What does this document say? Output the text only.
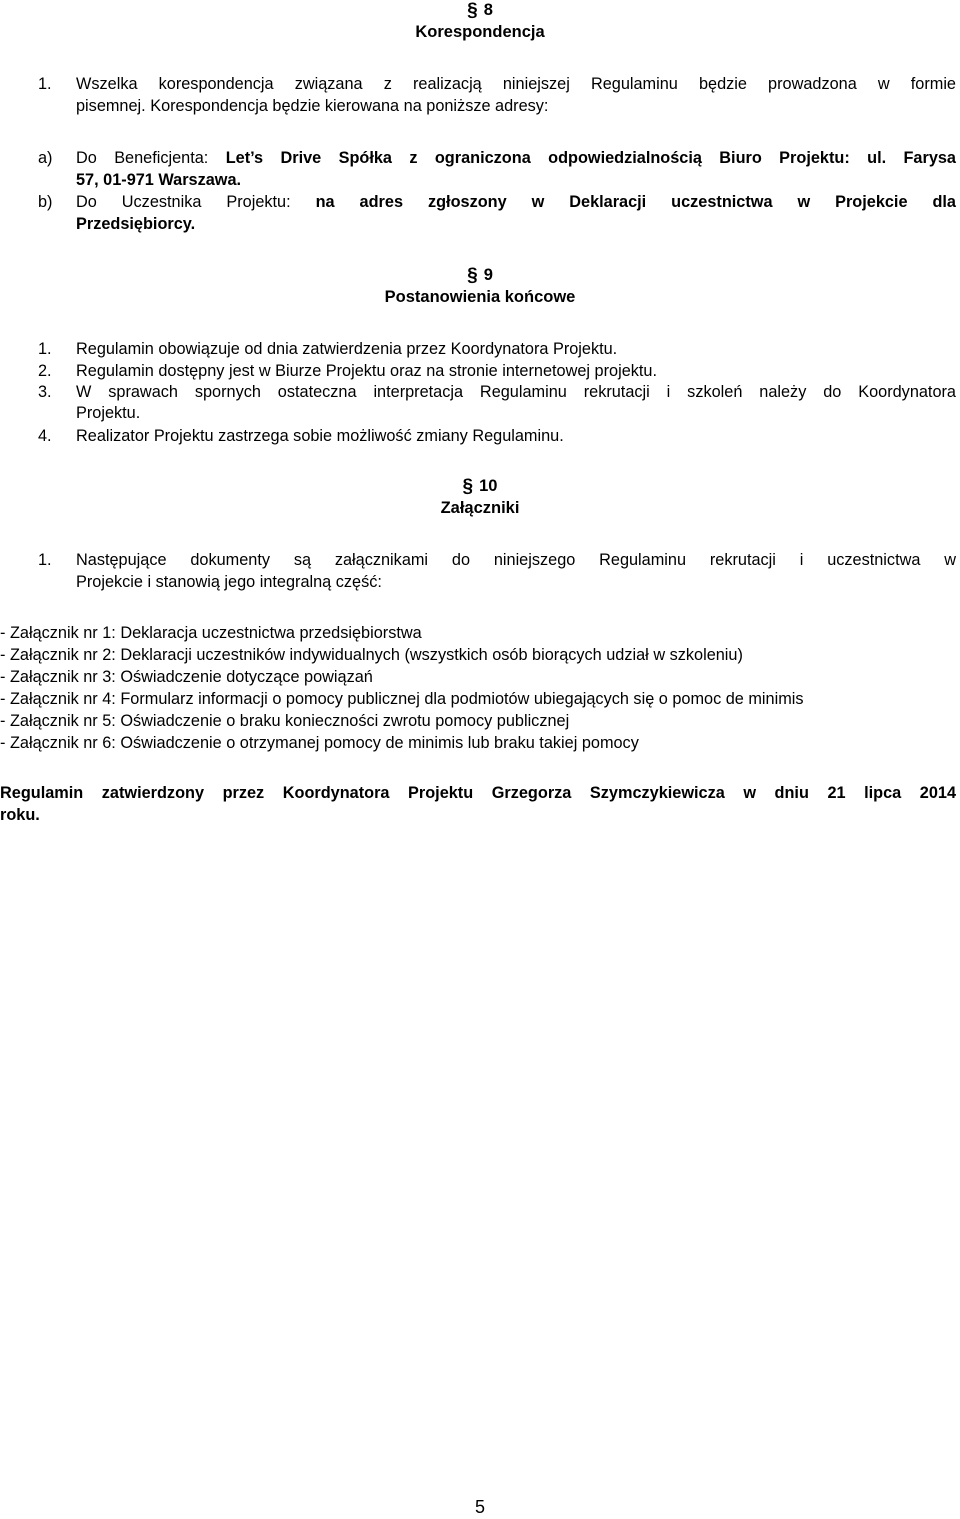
§ 8
Korespondencja
1. Wszelka korespondencja związana z realizacją niniejszej Regulaminu będzie prowadzona w formie
pisemnej. Korespondencja będzie kierowana na poniższe adresy:
a) Do Beneficjenta: Let’s Drive Spółka z ograniczona odpowiedzialnością Biuro Projektu: ul. Farysa
57, 01-971 Warszawa.
b) Do Uczestnika Projektu: na adres zgłoszony w Deklaracji uczestnictwa w Projekcie dla
Przedsiębiorcy.
§ 9
Postanowienia końcowe
1. Regulamin obowiązuje od dnia zatwierdzenia przez Koordynatora Projektu.
2. Regulamin dostępny jest w Biurze Projektu oraz na stronie internetowej projektu.
3. W sprawach spornych ostateczna interpretacja Regulaminu rekrutacji i szkoleń należy do Koordynatora
Projektu.
4. Realizator Projektu zastrzega sobie możliwość zmiany Regulaminu.
§ 10
Załączniki
1. Następujące dokumenty są załącznikami do niniejszego Regulaminu rekrutacji i uczestnictwa w
Projekcie i stanowią jego integralną część:
- Załącznik nr 1: Deklaracja uczestnictwa przedsiębiorstwa
- Załącznik nr 2: Deklaracji uczestników indywidualnych (wszystkich osób biorących udział w szkoleniu)
- Załącznik nr 3: Oświadczenie dotyczące powiązań
- Załącznik nr 4: Formularz informacji o pomocy publicznej dla podmiotów ubiegających się o pomoc de minimis
- Załącznik nr 5: Oświadczenie o braku konieczności zwrotu pomocy publicznej
- Załącznik nr 6: Oświadczenie o otrzymanej pomocy de minimis lub braku takiej pomocy
Regulamin zatwierdzony przez Koordynatora Projektu Grzegorza Szymczykiewicza w dniu 21 lipca 2014
roku.
5
